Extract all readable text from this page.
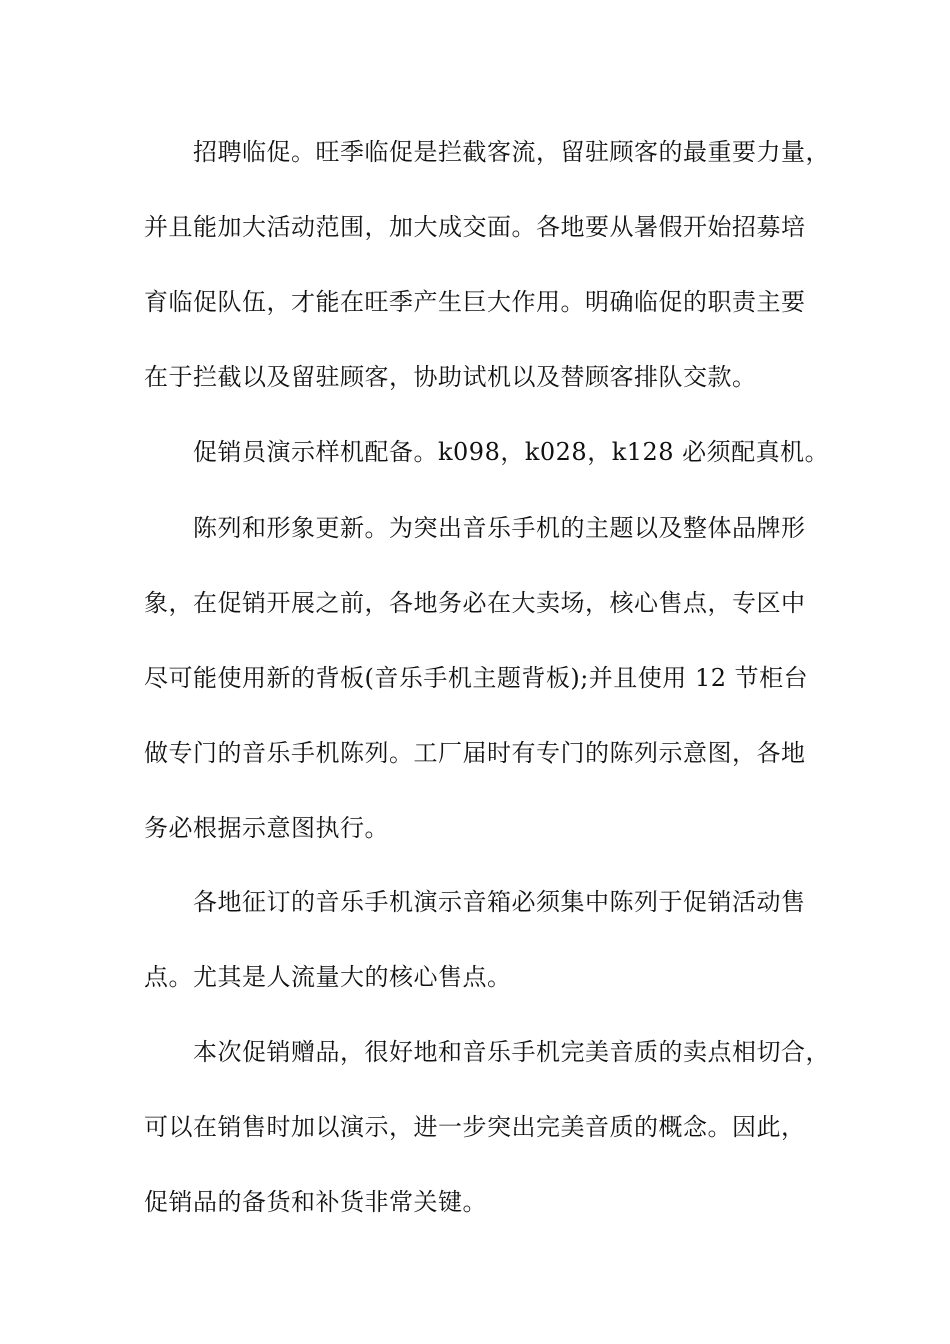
招聘临促。旺季临促是拦截客流，留驻顾客的最重要力量，

并且能加大活动范围，加大成交面。各地要从暑假开始招募培

育临促队伍，才能在旺季产生巨大作用。明确临促的职责主要

在于拦截以及留驻顾客，协助试机以及替顾客排队交款。

促销员演示样机配备。k098，k028，k128 必须配真机。

陈列和形象更新。为突出音乐手机的主题以及整体品牌形

象，在促销开展之前，各地务必在大卖场，核心售点，专区中

尽可能使用新的背板(音乐手机主题背板);并且使用 12 节柜台

做专门的音乐手机陈列。工厂届时有专门的陈列示意图，各地

务必根据示意图执行。

各地征订的音乐手机演示音箱必须集中陈列于促销活动售

点。尤其是人流量大的核心售点。

本次促销赠品，很好地和音乐手机完美音质的卖点相切合，

可以在销售时加以演示，进一步突出完美音质的概念。因此，

促销品的备货和补货非常关键。
